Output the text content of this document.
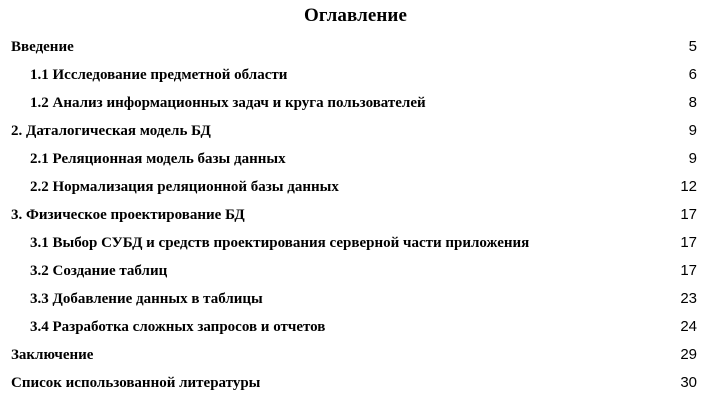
Оглавление
Введение	5
1.1 Исследование предметной области	6
1.2 Анализ информационных задач и круга пользователей	8
2. Даталогическая модель БД	9
2.1 Реляционная модель базы данных	9
2.2 Нормализация реляционной базы данных	12
3. Физическое проектирование БД	17
3.1 Выбор СУБД и средств проектирования серверной части приложения	17
3.2 Создание таблиц	17
3.3 Добавление данных в таблицы	23
3.4 Разработка сложных запросов и отчетов	24
Заключение	29
Список использованной литературы	30
